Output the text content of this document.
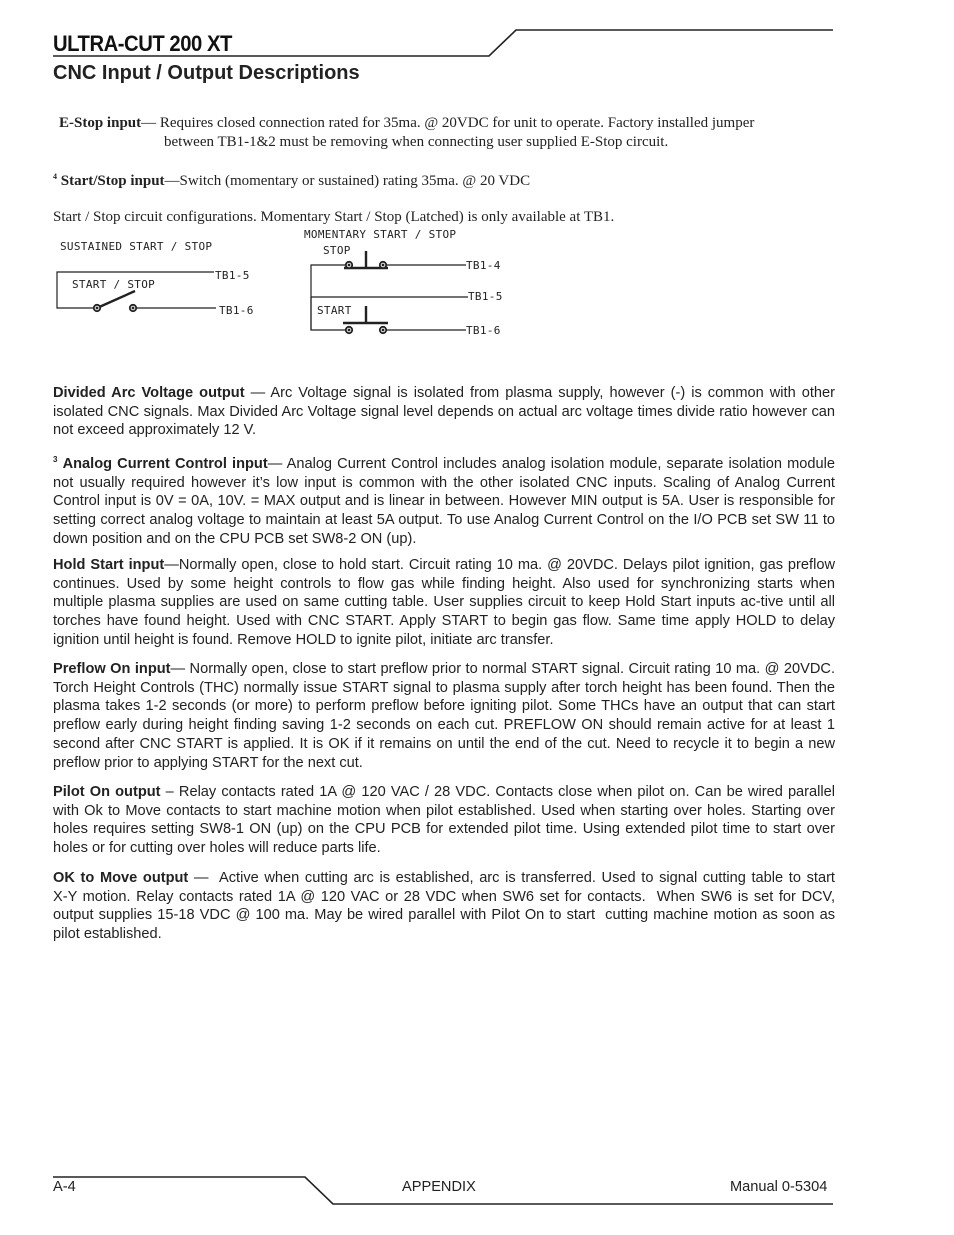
ULTRA-CUT 200 XT
CNC Input / Output Descriptions
E-Stop input— Requires closed connection rated for 35ma. @ 20VDC for unit to operate. Factory installed jumper
between TB1-1&2 must be removing when connecting user supplied E-Stop circuit.
$^4$ Start/Stop input—Switch (momentary or sustained) rating 35ma. @ 20 VDC
Start / Stop circuit configurations. Momentary Start / Stop (Latched) is only available at TB1.
SUSTAINED START / STOP
START / STOP
TB1-5
TB1-6
MOMENTARY START / STOP
STOP
START
TB1-4
TB1-5
TB1-6
Divided Arc Voltage output — Arc Voltage signal is isolated from plasma supply, however (-) is common with other isolated CNC signals. Max Divided Arc Voltage signal level depends on actual arc voltage times divide ratio however can not exceed approximately 12 V.
$^3$ Analog Current Control input— Analog Current Control includes analog isolation module, separate isolation module not usually required however it’s low input is common with the other isolated CNC inputs. Scaling of Analog Current Control input is 0V = 0A, 10V. = MAX output and is linear in between. However MIN output is 5A. User is responsible for setting correct analog voltage to maintain at least 5A output. To use Analog Current Control on the I/O PCB set SW 11 to down position and on the CPU PCB set SW8-2 ON (up).
Hold Start input—Normally open, close to hold start. Circuit rating 10 ma. @ 20VDC. Delays pilot ignition, gas preflow continues. Used by some height controls to flow gas while finding height. Also used for synchronizing starts when multiple plasma supplies are used on same cutting table. User supplies circuit to keep Hold Start inputs ac-tive until all torches have found height. Used with CNC START. Apply START to begin gas flow. Same time apply HOLD to delay ignition until height is found. Remove HOLD to ignite pilot, initiate arc transfer.
Preflow On input— Normally open, close to start preflow prior to normal START signal. Circuit rating 10 ma. @ 20VDC. Torch Height Controls (THC) normally issue START signal to plasma supply after torch height has been found. Then the plasma takes 1-2 seconds (or more) to perform preflow before igniting pilot. Some THCs have an output that can start preflow early during height finding saving 1-2 seconds on each cut. PREFLOW ON should remain active for at least 1 second after CNC START is applied. It is OK if it remains on until the end of the cut. Need to recycle it to begin a new preflow prior to applying START for the next cut.
Pilot On output – Relay contacts rated 1A @ 120 VAC / 28 VDC. Contacts close when pilot on. Can be wired parallel with Ok to Move contacts to start machine motion when pilot established. Used when starting over holes. Starting over holes requires setting SW8-1 ON (up) on the CPU PCB for extended pilot time. Using extended pilot time to start over holes or for cutting over holes will reduce parts life.
OK to Move output —  Active when cutting arc is established, arc is transferred. Used to signal cutting table to start       X-Y motion. Relay contacts rated 1A @ 120 VAC or 28 VDC when SW6 set for contacts.  When SW6 is set for DCV, output supplies 15-18 VDC @ 100 ma. May be wired parallel with Pilot On to start  cutting machine motion as soon as pilot established.
A-4	APPENDIX	Manual 0-5304
